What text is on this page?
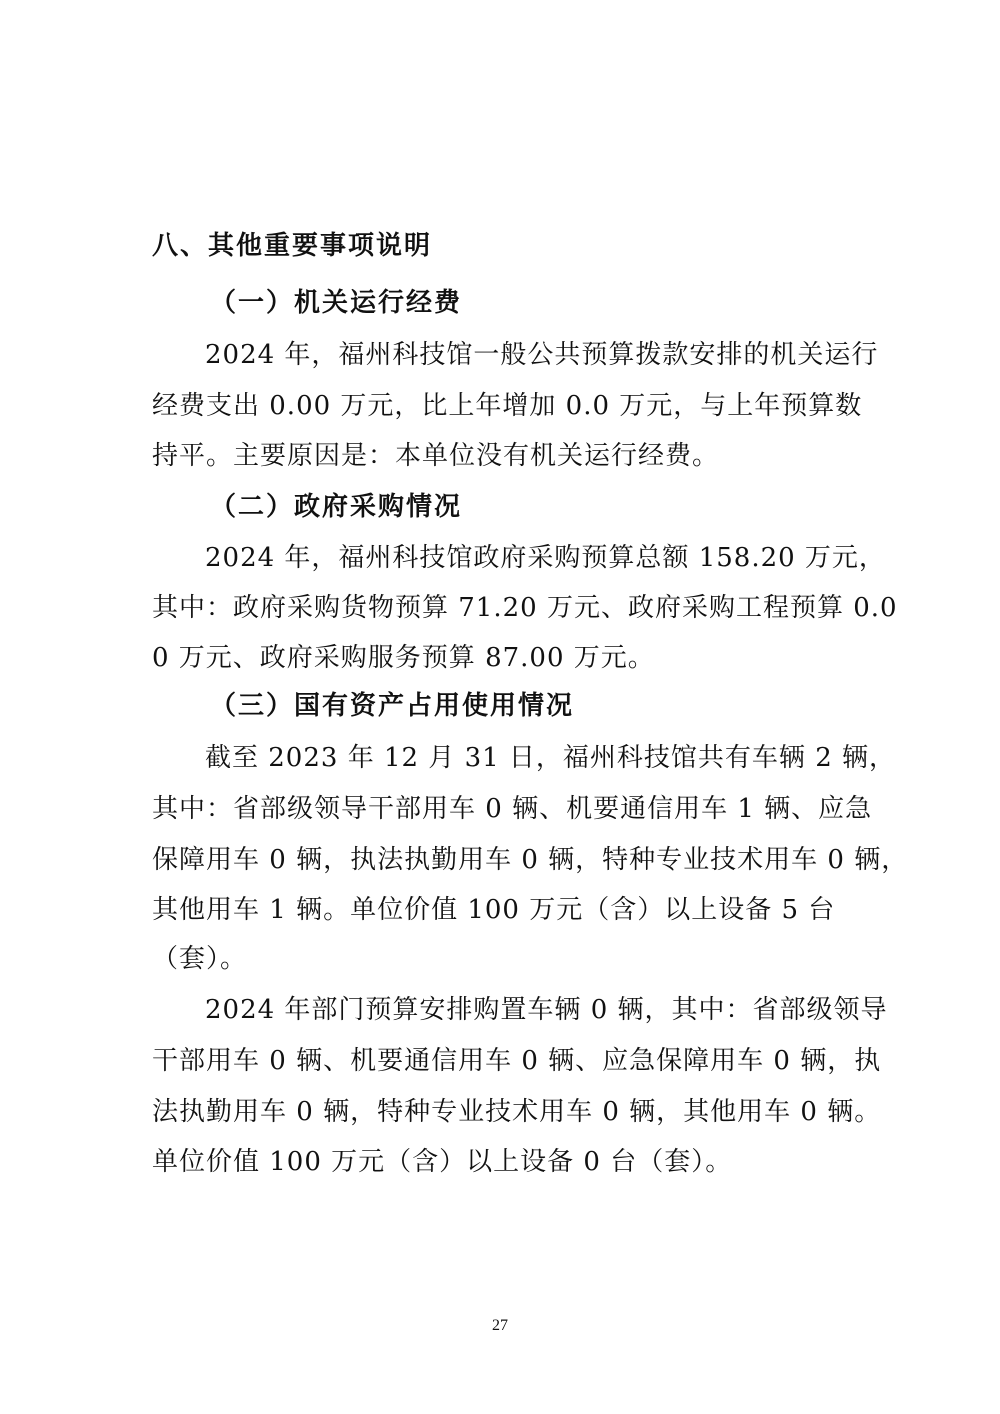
八、其他重要事项说明
（一）机关运行经费
2024 年，福州科技馆一般公共预算拨款安排的机关运行
经费支出 0.00 万元，比上年增加 0.0 万元，与上年预算数
持平。主要原因是：本单位没有机关运行经费。
（二）政府采购情况
2024 年，福州科技馆政府采购预算总额 158.20 万元，
其中：政府采购货物预算 71.20 万元、政府采购工程预算 0.0
0 万元、政府采购服务预算 87.00 万元。
（三）国有资产占用使用情况
截至 2023 年 12 月 31 日，福州科技馆共有车辆 2 辆，
其中：省部级领导干部用车 0 辆、机要通信用车 1 辆、应急
保障用车 0 辆，执法执勤用车 0 辆，特种专业技术用车 0 辆，
其他用车 1 辆。单位价值 100 万元（含）以上设备 5 台
（套）。
2024 年部门预算安排购置车辆 0 辆，其中：省部级领导
干部用车 0 辆、机要通信用车 0 辆、应急保障用车 0 辆，执
法执勤用车 0 辆，特种专业技术用车 0 辆，其他用车 0 辆。
单位价值 100 万元（含）以上设备 0 台（套）。
27
